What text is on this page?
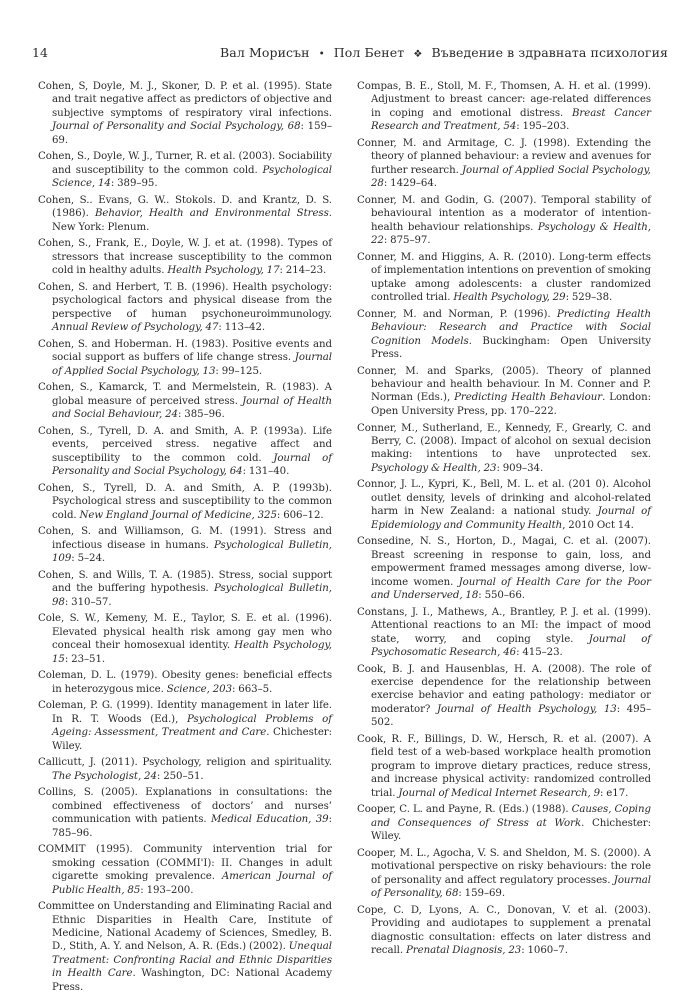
14	Вал Морисън • Пол Бенет ❖ Въведение в здравната психология

Cohen, S, Doyle, M. J., Skoner, D. P. et al. (1995). State and trait negative affect as predictors of objective and subjective symptoms of respiratory viral infections. Journal of Personality and Social Psychology, 68: 159–69.

Cohen, S., Doyle, W. J., Turner, R. et al. (2003). Sociability and susceptibility to the common cold. Psychological Science, 14: 389–95.

Cohen, S.. Evans, G. W.. Stokols. D. and Krantz, D. S. (1986). Behavior, Health and Environmental Stress. New York: Plenum.

Cohen, S., Frank, E., Doyle, W. J. et at. (1998). Types of stressors that increase susceptibility to the common cold in healthy adults. Health Psychology, 17: 214–23.

Cohen, S. and Herbert, T. B. (1996). Health psychology: psychological factors and physical disease from the perspective of human psychoneuroimmunology. Annual Review of Psychology, 47: 113–42.

Cohen, S. and Hoberman. H. (1983). Positive events and social support as buffers of life change stress. Journal of Applied Social Psychology, 13: 99–125.

Cohen, S., Kamarck, T. and Mermelstein, R. (1983). A global measure of perceived stress. Journal of Health and Social Behaviour, 24: 385–96.

Cohen, S., Tyrell, D. A. and Smith, A. P. (1993a). Life events, perceived stress. negative affect and susceptibility to the common cold. Journal of Personality and Social Psychology, 64: 131–40.

Cohen, S., Tyrell, D. A. and Smith, A. P. (1993b). Psychological stress and susceptibility to the common cold. New England Journal of Medicine, 325: 606–12.

Cohen, S. and Williamson, G. M. (1991). Stress and infectious disease in humans. Psychological Bulletin, 109: 5–24.

Cohen, S. and Wills, T. A. (1985). Stress, social support and the buffering hypothesis. Psychological Bulletin, 98: 310–57.

Cole, S. W., Kemeny, M. E., Taylor, S. E. et al. (1996). Elevated physical health risk among gay men who conceal their homosexual identity. Health Psychology, 15: 23–51.

Coleman, D. L. (1979). Obesity genes: beneficial effects in heterozygous mice. Science, 203: 663–5.

Coleman, P. G. (1999). Identity management in later life. In R. T. Woods (Ed.), Psychological Problems of Ageing: Assessment, Treatment and Care. Chichester: Wiley.

Callicutt, J. (2011). Psychology, religion and spirituality. The Psychologist, 24: 250–51.

Collins, S. (2005). Explanations in consultations: the combined effectiveness of doctors’ and nurses’ communication with patients. Medical Education, 39: 785–96.

COMMIT (1995). Community intervention trial for smoking cessation (COMMI'I): II. Changes in adult cigarette smoking prevalence. American Journal of Public Health, 85: 193–200.

Committee on Understanding and Eliminating Racial and Ethnic Disparities in Health Care, Institute of Medicine, National Academy of Sciences, Smedley, B. D., Stith, A. Y. and Nelson, A. R. (Eds.) (2002). Unequal Treatment: Confronting Racial and Ethnic Disparities in Health Care. Washington, DC: National Academy Press.

Compas, B. E., Stoll, M. F., Thomsen, A. H. et al. (1999). Adjustment to breast cancer: age-related differences in coping and emotional distress. Breast Cancer Research and Treatment, 54: 195–203.

Conner, M. and Armitage, C. J. (1998). Extending the theory of planned behaviour: a review and avenues for further research. Journal of Applied Social Psychology, 28: 1429–64.

Conner, M. and Godin, G. (2007). Temporal stability of behavioural intention as a moderator of intention-health behaviour relationships. Psychology & Health, 22: 875–97.

Conner, M. and Higgins, A. R. (2010). Long-term effects of implementation intentions on prevention of smoking uptake among adolescents: a cluster randomized controlled trial. Health Psychology, 29: 529–38.

Conner, M. and Norman, P. (1996). Predicting Health Behaviour: Research and Practice with Social Cognition Models. Buckingham: Open University Press.

Conner, M. and Sparks, (2005). Theory of planned behaviour and health behaviour. In M. Conner and P. Norman (Eds.), Predicting Health Behaviour. London: Open University Press, pp. 170–222.

Conner, M., Sutherland, E., Kennedy, F., Grearly, C. and Berry, C. (2008). Impact of alcohol on sexual decision making: intentions to have unprotected sex. Psychology & Health, 23: 909–34.

Connor, J. L., Kypri, K., Bell, M. L. et al. (201 0). Alcohol outlet density, levels of drinking and alcohol-related harm in New Zealand: a national study. Journal of Epidemiology and Community Health, 2010 Oct 14.

Consedine, N. S., Horton, D., Magai, C. et al. (2007). Breast screening in response to gain, loss, and empowerment framed messages among diverse, low-income women. Journal of Health Care for the Poor and Underserved, 18: 550–66.

Constans, J. I., Mathews, A., Brantley, P. J. et al. (1999). Attentional reactions to an MI: the impact of mood state, worry, and coping style. Journal of Psychosomatic Research, 46: 415–23.

Cook, B. J. and Hausenblas, H. A. (2008). The role of exercise dependence for the relationship between exercise behavior and eating pathology: mediator or moderator? Journal of Health Psychology, 13: 495–502.

Cook, R. F., Billings, D. W., Hersch, R. et al. (2007). A field test of a web-based workplace health promotion program to improve dietary practices, reduce stress, and increase physical activity: randomized controlled trial. Journal of Medical Internet Research, 9: e17.

Cooper, C. L. and Payne, R. (Eds.) (1988). Causes, Coping and Consequences of Stress at Work. Chichester: Wiley.

Cooper, M. L., Agocha, V. S. and Sheldon, M. S. (2000). A motivational perspective on risky behaviours: the role of personality and affect regulatory processes. Journal of Personality, 68: 159–69.

Cope, C. D, Lyons, A. C., Donovan, V. et al. (2003). Providing and audiotapes to supplement a prenatal diagnostic consultation: effects on later distress and recall. Prenatal Diagnosis, 23: 1060–7.
